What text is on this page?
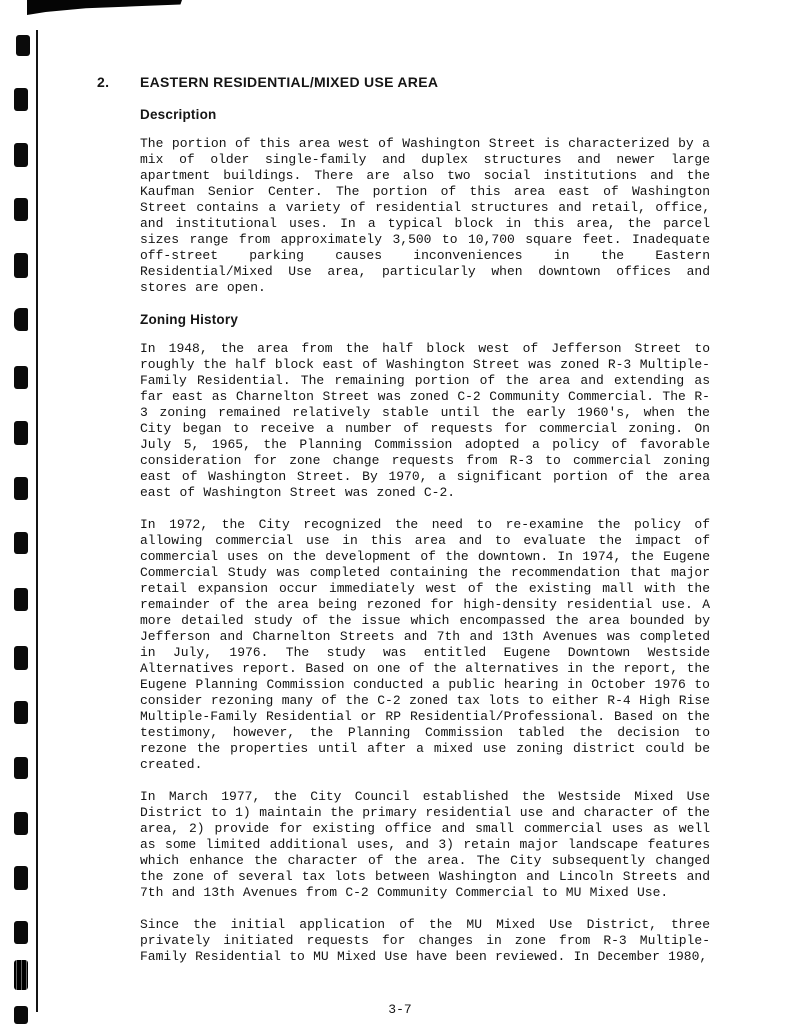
2.	EASTERN RESIDENTIAL/MIXED USE AREA
Description

The portion of this area west of Washington Street is characterized by a mix of older single-family and duplex structures and newer large apartment buildings. There are also two social institutions and the Kaufman Senior Center. The portion of this area east of Washington Street contains a variety of residential structures and retail, office, and institutional uses. In a typical block in this area, the parcel sizes range from approximately 3,500 to 10,700 square feet. Inadequate off-street parking causes inconveniences in the Eastern Residential/Mixed Use area, particularly when downtown offices and stores are open.

Zoning History

In 1948, the area from the half block west of Jefferson Street to roughly the half block east of Washington Street was zoned R-3 Multiple-Family Residential. The remaining portion of the area and extending as far east as Charnelton Street was zoned C-2 Community Commercial. The R-3 zoning remained relatively stable until the early 1960's, when the City began to receive a number of requests for commercial zoning. On July 5, 1965, the Planning Commission adopted a policy of favorable consideration for zone change requests from R-3 to commercial zoning east of Washington Street. By 1970, a significant portion of the area east of Washington Street was zoned C-2.

In 1972, the City recognized the need to re-examine the policy of allowing commercial use in this area and to evaluate the impact of commercial uses on the development of the downtown. In 1974, the Eugene Commercial Study was completed containing the recommendation that major retail expansion occur immediately west of the existing mall with the remainder of the area being rezoned for high-density residential use. A more detailed study of the issue which encompassed the area bounded by Jefferson and Charnelton Streets and 7th and 13th Avenues was completed in July, 1976. The study was entitled Eugene Downtown Westside Alternatives report. Based on one of the alternatives in the report, the Eugene Planning Commission conducted a public hearing in October 1976 to consider rezoning many of the C-2 zoned tax lots to either R-4 High Rise Multiple-Family Residential or RP Residential/Professional. Based on the testimony, however, the Planning Commission tabled the decision to rezone the properties until after a mixed use zoning district could be created.

In March 1977, the City Council established the Westside Mixed Use District to 1) maintain the primary residential use and character of the area, 2) provide for existing office and small commercial uses as well as some limited additional uses, and 3) retain major landscape features which enhance the character of the area. The City subsequently changed the zone of several tax lots between Washington and Lincoln Streets and 7th and 13th Avenues from C-2 Community Commercial to MU Mixed Use.

Since the initial application of the MU Mixed Use District, three privately initiated requests for changes in zone from R-3 Multiple-Family Residential to MU Mixed Use have been reviewed. In December 1980,

3-7
